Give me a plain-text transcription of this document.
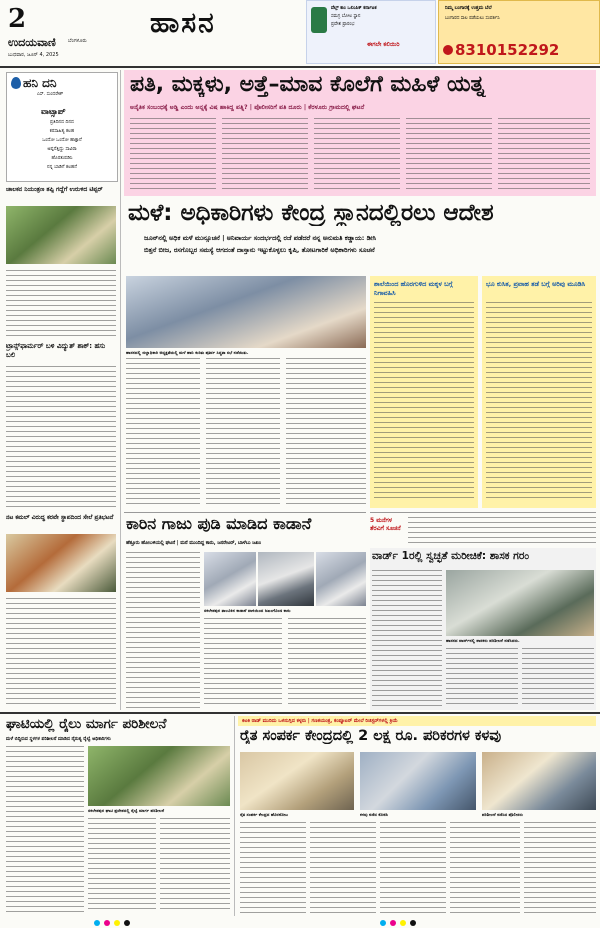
2
ಉದಯವಾಣಿ ಬೆಂಗಳೂರು
ಬುಧವಾರ, ಜೂನ್ 4, 2025
ಹಾಸನ	ವೆಲ್ತ್ ಕಾಂ ಒಲಿಂಪಿಕ್ ಕರ್ನಾಟಕ
ಸಮಗ್ರ ಬೋಲ ಸ್ಥಾನ
ಪ್ರವೇಶ ಪ್ರಾರಂಭ
ಈಗಲೇ ಕಲಿಯಿರಿ
ನಿಮ್ಮ ಬಂಗಾರಕ್ಕೆ ಉತ್ತಮ ಬೆಲೆ
ಬಂಗಾರದ ಸಾಲ ಪಡೆಯಲು ಸಂಪರ್ಕಿಸಿ
8310152292
ಹನಿ ದನಿ
ಎಸ್. ಸುಂದರೇಶ್
ವಾಟ್ಸಾಪ್
ಪ್ರತಿದಿನದ ದಿನದ
ಕರಸಾಹಿತ್ಯ ಕಲಹ
ಒಂದೋ ಒಂದೋ ಹಾಕ್ತಾನೆ
ಅಪ್ಪನೆತ್ತಿದ್ದು ಸಾವಿರಾ
ಹೊರತುಪಡಿಸಿ
ನನ್ನ ಬಾಡಿಗೆ ಕಲಹನೆ
ಚಾಲಕನ ನಿಯಂತ್ರಣ ತಪ್ಪಿ ಗದ್ದೆಗೆ ಉರುಳಿದ ಟಿಪ್ಪರ್
ಟ್ರಾನ್ಸ್‌ಫಾರ್ಮರ್ ಬಳಿ ವಿದ್ಯುತ್ ಶಾಕ್: ಹಸು ಬಲಿ
ನಟ ಕಮಲ್ ವಿರುದ್ಧ ಕರವೇ ಸ್ಥಾಪದಿಂದ ಸೇಲೆ ಪ್ರತಿಭಟನೆ
ಪತಿ, ಮಕ್ಕಳು, ಅತ್ತೆ–ಮಾವ ಕೊಲೆಗೆ ಮಹಿಳೆ ಯತ್ನ
ಅನೈತಿಕ ಸಂಬಂಧಕ್ಕೆ ಅಡ್ಡಿ ಎಂದು ಅನ್ನಕ್ಕೆ ವಿಷ ಹಾಕಿದ್ದ ಪತ್ನಿ? | ಪೊಲೀಸರಿಗೆ ಪತಿ ದೂರು | ಕೆರಳೂರು ಗ್ರಾಮದಲ್ಲಿ ಘಟನೆ
ಮಳೆ: ಅಧಿಕಾರಿಗಳು ಕೇಂದ್ರ ಸ್ಥಾನದಲ್ಲಿರಲು ಆದೇಶ
ಜೂನ್‌ನಲ್ಲಿ ಅಧಿಕ ಮಳೆ ಮುನ್ಸೂಚನೆ | ಅನಿವಾರ್ಯ ಸಂದರ್ಭದಲ್ಲಿ ರಜೆ ಪಡೆದರೆ ನನ್ನ ಅನುಮತಿ ಕಡ್ಡಾಯ: ಡೀಸಿ
ಬಿತ್ತನೆ ಬೀಜ, ರಸಗೊಬ್ಬರ ಸಮಸ್ಯೆ ಆಗದಂತೆ ದಾಸ್ತಾನು ಇಟ್ಟುಕೊಳ್ಳಲು ಕೃಷಿ, ತೋಟಗಾರಿಕೆ ಅಧಿಕಾರಿಗಳು ಸೂಚನೆ
ಹಾಸನದಲ್ಲಿ ಜಿಲ್ಲಾಧಿಕಾರಿ ಅಧ್ಯಕ್ಷತೆಯಲ್ಲಿ ಮಳೆ ಹಾನಿ ಕುರಿತು ಪೂರ್ವ ಸಿದ್ಧತಾ ಸಭೆ ನಡೆಯಿತು.
ಶಾಲೆಯಿಂದ ಹೊರಗುಳಿದ ಮಕ್ಕಳ ಬಗ್ಗೆ ನಿಗಾವಹಿಸಿ
ಭೂ ಕುಸಿತ, ಪ್ರವಾಹ ತಡೆ ಬಗ್ಗೆ ಅರಿವು ಮೂಡಿಸಿ
5 ಮನೆಗಳ ತೆರವಿಗೆ ಸೂಚನೆ
ಕಾರಿನ ಗಾಜು ಪುಡಿ ಮಾಡಿದ ಕಾಡಾನೆ
ಹೆತ್ತೂರು ಹೋಬಳಿಯಲ್ಲಿ ಘಟನೆ | ಮನೆ ಮುಂದಿದ್ದ ಕಾರು, ಜನರೇಟರ್, ಬಾಳೆಬು ಜಖಂ
ಸಕಲೇಶಪುರ ತಾಲೂಕಿನ ಕಾಡಾನೆ ದಾಳಿಯಿಂದ ಜಖಂಗೊಂಡ ಕಾರು
ವಾರ್ಡ್ 1ರಲ್ಲಿ ಸ್ವಚ್ಛತೆ ಮರೀಚಿಕೆ: ಶಾಸಕ ಗರಂ
ಹಾಸನದ ವಾರ್ಡ್‌ನಲ್ಲಿ ಶಾಸಕರು ಪರಿಶೀಲನೆ ನಡೆಸಿದರು.
ಘಾಟಿಯಲ್ಲಿ ರೈಲು ಮಾರ್ಗ ಪರಿಶೀಲನೆ
ಮಳೆ ಬಿದ್ದಿರುವ ಸ್ಥಳಗಳ ಪರಿಶೀಲನೆ ಮಾಡಿದ ನೈರುತ್ಯ ರೈಲ್ವೆ ಅಧಿಕಾರಿಗಳು
ಸಕಲೇಶಪುರ ಘಾಟಿ ಪ್ರದೇಶದಲ್ಲಿ ರೈಲ್ವೆ ಮಾರ್ಗ ಪರಿಶೀಲನೆ
ಕಿಟಕಿ ರಾಡ್ ಮುರಿದು ಒಳನುಗ್ಗಿದ ಕಳ್ಳರು | ಗಣಕಯಂತ್ರ, ಕಂಪ್ಯೂಟರ್ ಮೇಲೆ ರಿಜಿಸ್ಟರ್‌ಗಳಲ್ಲಿ ಕ್ರಿಯೆ
ರೈತ ಸಂಪರ್ಕ ಕೇಂದ್ರದಲ್ಲಿ 2 ಲಕ್ಷ ರೂ. ಪರಿಕರಗಳ ಕಳವು
ರೈತ ಸಂಪರ್ಕ ಕೇಂದ್ರದ ಹೊರನೋಟ	ಕಳವು ನಡೆದ ಕೊಠಡಿ	ಪರಿಶೀಲನೆ ನಡೆಸಿದ ಪೊಲೀಸರು
